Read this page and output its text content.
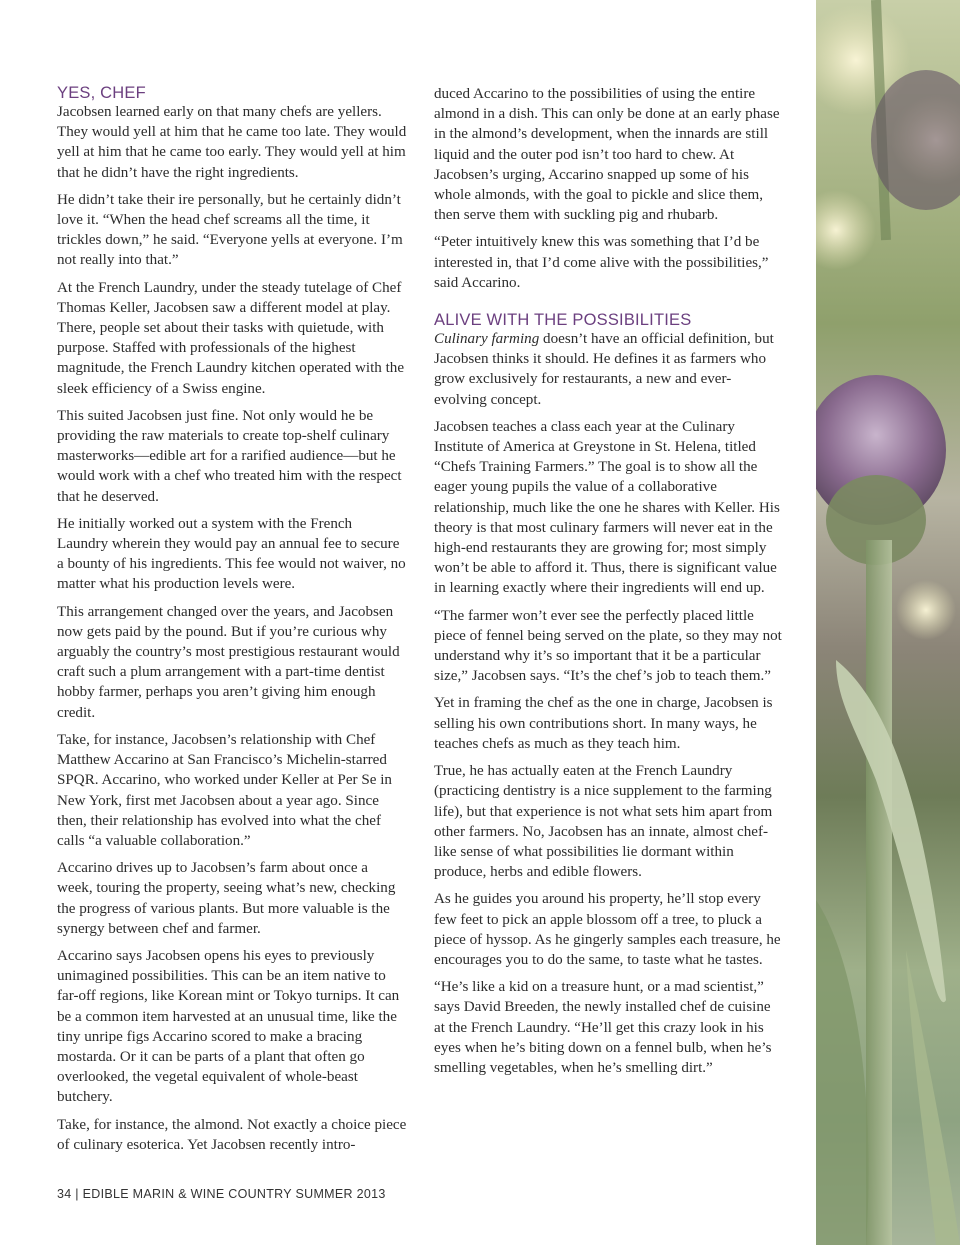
YES, CHEF

Jacobsen learned early on that many chefs are yellers. They would yell at him that he came too late. They would yell at him that he came too early. They would yell at him that he didn’t have the right ingredients.

He didn’t take their ire personally, but he certainly didn’t love it. “When the head chef screams all the time, it trickles down,” he said. “Everyone yells at everyone. I’m not really into that.”

At the French Laundry, under the steady tutelage of Chef Thomas Keller, Jacobsen saw a different model at play. There, people set about their tasks with quietude, with purpose. Staffed with professionals of the highest magnitude, the French Laundry kitchen operated with the sleek efficiency of a Swiss engine.

This suited Jacobsen just fine. Not only would he be providing the raw materials to create top-shelf culinary masterworks—edible art for a rarified audience—but he would work with a chef who treated him with the respect that he deserved.

He initially worked out a system with the French Laundry wherein they would pay an annual fee to secure a bounty of his ingredients. This fee would not waiver, no matter what his production levels were.

This arrangement changed over the years, and Jacobsen now gets paid by the pound. But if you’re curious why arguably the country’s most prestigious restaurant would craft such a plum arrangement with a part-time dentist hobby farmer, perhaps you aren’t giving him enough credit.

Take, for instance, Jacobsen’s relationship with Chef Matthew Accarino at San Francisco’s Michelin-starred SPQR. Accarino, who worked under Keller at Per Se in New York, first met Jacobsen about a year ago. Since then, their relationship has evolved into what the chef calls “a valuable collaboration.”

Accarino drives up to Jacobsen’s farm about once a week, touring the property, seeing what’s new, checking the progress of various plants. But more valuable is the synergy between chef and farmer.

Accarino says Jacobsen opens his eyes to previously unimagined possibilities. This can be an item native to far-off regions, like Korean mint or Tokyo turnips. It can be a common item harvested at an unusual time, like the tiny unripe figs Accarino scored to make a bracing mostarda. Or it can be parts of a plant that often go overlooked, the vegetal equivalent of whole-beast butchery.

Take, for instance, the almond. Not exactly a choice piece of culinary esoterica. Yet Jacobsen recently intro-

duced Accarino to the possibilities of using the entire almond in a dish. This can only be done at an early phase in the almond’s development, when the innards are still liquid and the outer pod isn’t too hard to chew. At Jacobsen’s urging, Accarino snapped up some of his whole almonds, with the goal to pickle and slice them, then serve them with suckling pig and rhubarb.

“Peter intuitively knew this was something that I’d be interested in, that I’d come alive with the possibilities,” said Accarino.

ALIVE WITH THE POSSIBILITIES

Culinary farming doesn’t have an official definition, but Jacobsen thinks it should. He defines it as farmers who grow exclusively for restaurants, a new and ever-evolving concept.

Jacobsen teaches a class each year at the Culinary Institute of America at Greystone in St. Helena, titled “Chefs Training Farmers.” The goal is to show all the eager young pupils the value of a collaborative relationship, much like the one he shares with Keller. His theory is that most culinary farmers will never eat in the high-end restaurants they are growing for; most simply won’t be able to afford it. Thus, there is significant value in learning exactly where their ingredients will end up.

“The farmer won’t ever see the perfectly placed little piece of fennel being served on the plate, so they may not understand why it’s so important that it be a particular size,” Jacobsen says. “It’s the chef’s job to teach them.”

Yet in framing the chef as the one in charge, Jacobsen is selling his own contributions short. In many ways, he teaches chefs as much as they teach him.

True, he has actually eaten at the French Laundry (practicing dentistry is a nice supplement to the farming life), but that experience is not what sets him apart from other farmers. No, Jacobsen has an innate, almost chef-like sense of what possibilities lie dormant within produce, herbs and edible flowers.

As he guides you around his property, he’ll stop every few feet to pick an apple blossom off a tree, to pluck a piece of hyssop. As he gingerly samples each treasure, he encourages you to do the same, to taste what he tastes.

“He’s like a kid on a treasure hunt, or a mad scientist,” says David Breeden, the newly installed chef de cuisine at the French Laundry. “He’ll get this crazy look in his eyes when he’s biting down on a fennel bulb, when he’s smelling vegetables, when he’s smelling dirt.”

34 | EDIBLE MARIN & WINE COUNTRY SUMMER 2013
